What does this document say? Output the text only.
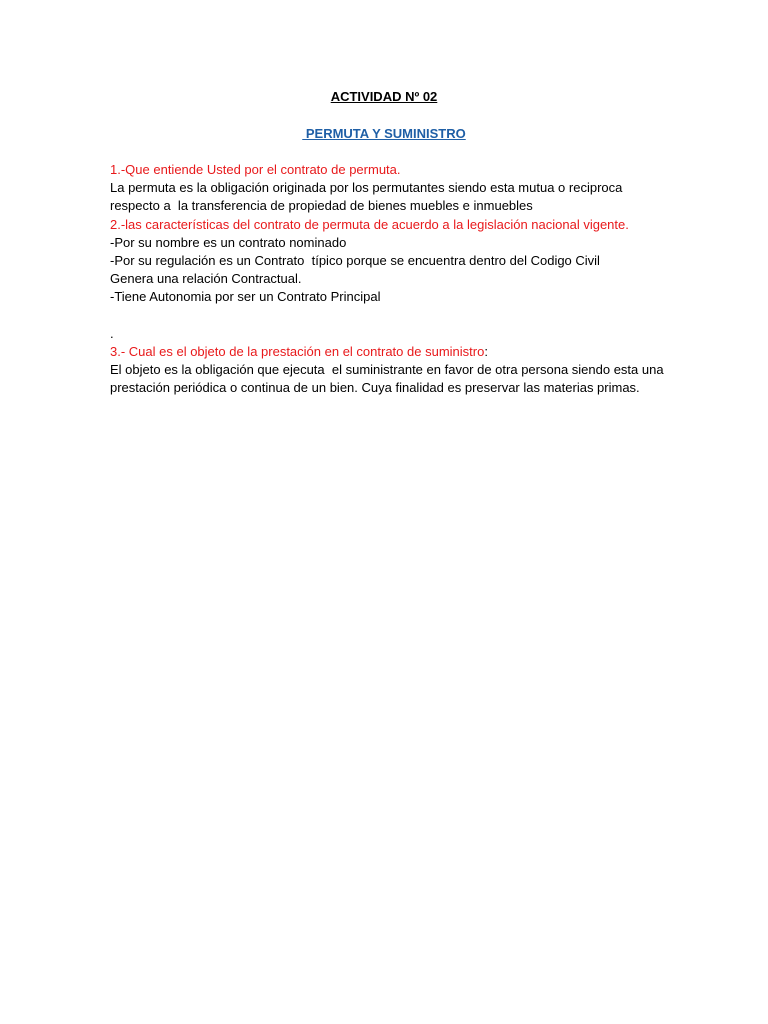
ACTIVIDAD Nº 02
PERMUTA Y SUMINISTRO
1.-Que entiende Usted por el contrato de permuta.
La permuta es la obligación originada por los permutantes siendo esta mutua o reciproca
respecto a  la transferencia de propiedad de bienes muebles e inmuebles
2.-las características del contrato de permuta de acuerdo a la legislación nacional vigente.
-Por su nombre es un contrato nominado
-Por su regulación es un Contrato  típico porque se encuentra dentro del Codigo Civil
Genera una relación Contractual.
-Tiene Autonomia por ser un Contrato Principal
.
3.- Cual es el objeto de la prestación en el contrato de suministro:
El objeto es la obligación que ejecuta  el suministrante en favor de otra persona siendo esta una
prestación periódica o continua de un bien. Cuya finalidad es preservar las materias primas.
